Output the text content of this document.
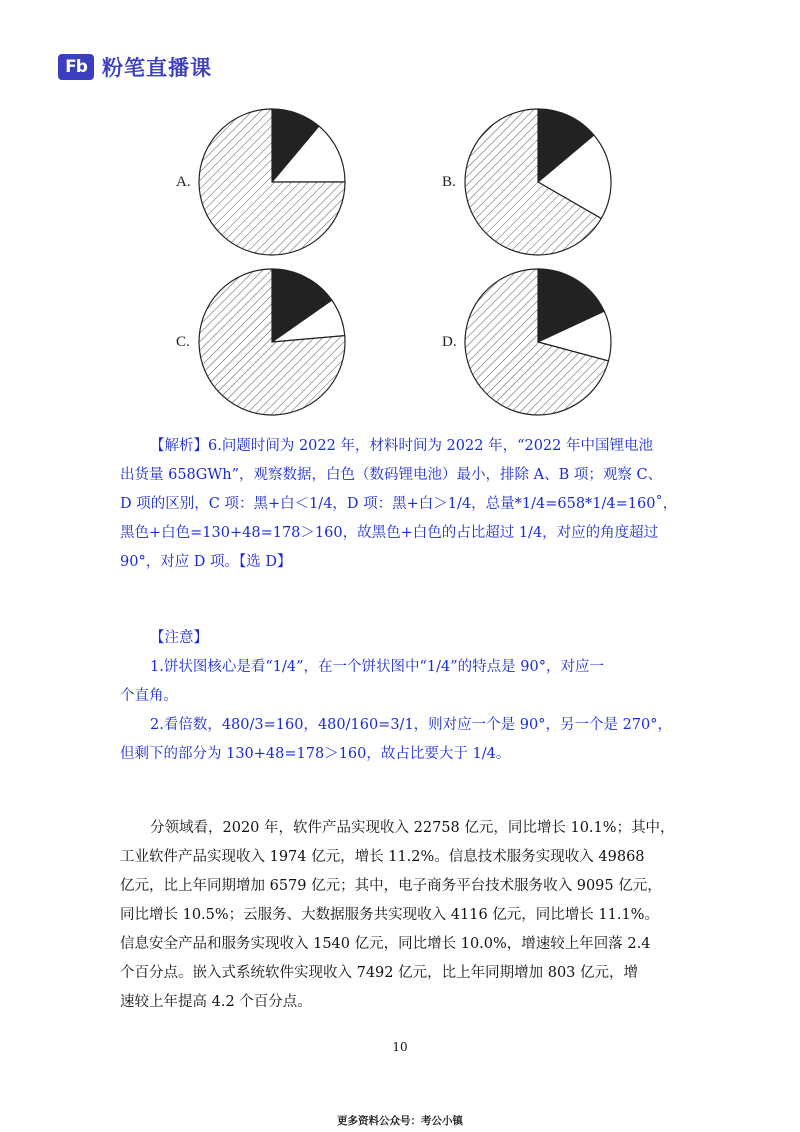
Fb 粉笔直播课
A.	B.
C.	D.

【解析】6.问题时间为 2022 年，材料时间为 2022 年，“2022 年中国锂电池

出货量 658GWh”，观察数据，白色（数码锂电池）最小，排除 A、B 项；观察 C、

D 项的区别，C 项：黑+白＜1/4，D 项：黑+白＞1/4，总量*1/4=658*1/4=160˚，

黑色+白色=130+48=178＞160，故黑色+白色的占比超过 1/4，对应的角度超过

90°，对应 D 项。【选 D】

【注意】

1.饼状图核心是看“1/4”，在一个饼状图中“1/4”的特点是 90°，对应一

个直角。

2.看倍数，480/3=160，480/160=3/1，则对应一个是 90°，另一个是 270°，

但剩下的部分为 130+48=178＞160，故占比要大于 1/4。

分领域看，2020 年，软件产品实现收入 22758 亿元，同比增长 10.1%；其中，

工业软件产品实现收入 1974 亿元，增长 11.2%。信息技术服务实现收入 49868

亿元，比上年同期增加 6579 亿元；其中，电子商务平台技术服务收入 9095 亿元，

同比增长 10.5%；云服务、大数据服务共实现收入 4116 亿元，同比增长 11.1%。

信息安全产品和服务实现收入 1540 亿元，同比增长 10.0%，增速较上年回落 2.4

个百分点。嵌入式系统软件实现收入 7492 亿元，比上年同期增加 803 亿元，增

速较上年提高 4.2 个百分点。

10
更多资料公众号：考公小镇
